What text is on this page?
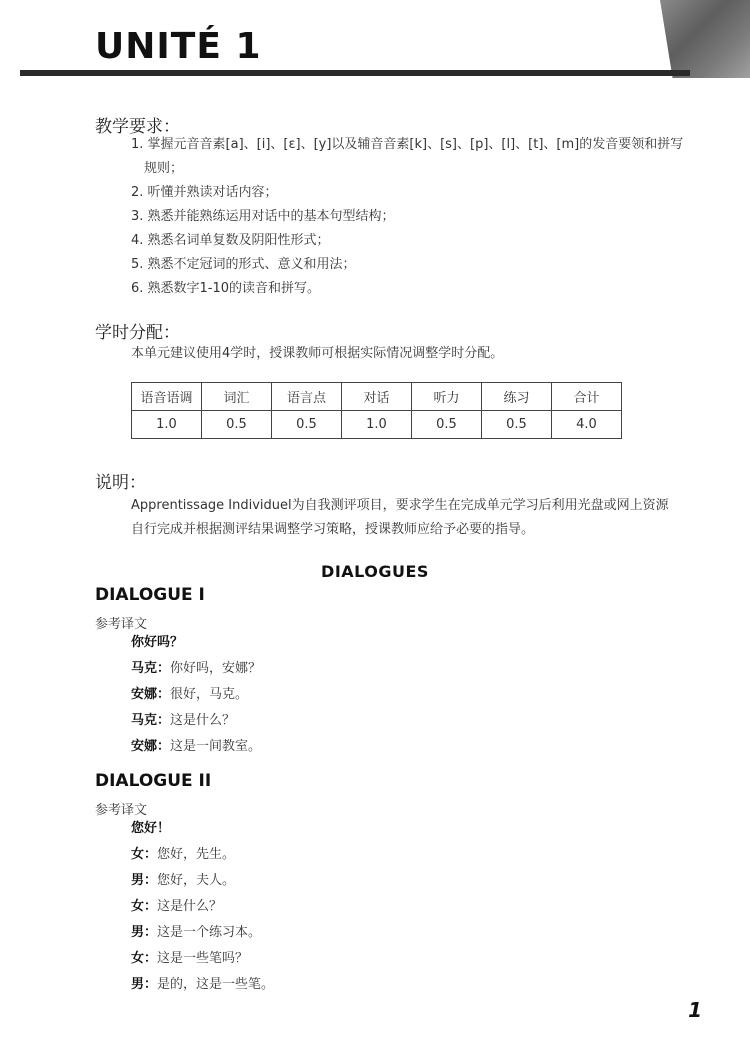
UNITÉ 1
教学要求：
1. 掌握元音音素[a]、[i]、[ɛ]、[y]以及辅音音素[k]、[s]、[p]、[l]、[t]、[m]的发音要领和拼写
规则；
2. 听懂并熟读对话内容；
3. 熟悉并能熟练运用对话中的基本句型结构；
4. 熟悉名词单复数及阴阳性形式；
5. 熟悉不定冠词的形式、意义和用法；
6. 熟悉数字1-10的读音和拼写。
学时分配：

本单元建议使用4学时，授课教师可根据实际情况调整学时分配。

语音语调	词汇	语言点	对话	听力	练习	合计
1.0	0.5	0.5	1.0	0.5	0.5	4.0
说明：

Apprentissage Individuel为自我测评项目，要求学生在完成单元学习后利用光盘或网上资源

自行完成并根据测评结果调整学习策略，授课教师应给予必要的指导。

DIALOGUES
DIALOGUE I

参考译文

你好吗？
马克：你好吗，安娜？
安娜：很好，马克。
马克：这是什么？
安娜：这是一间教室。
DIALOGUE II

参考译文

您好！
女：您好，先生。
男：您好，夫人。
女：这是什么？
男：这是一个练习本。
女：这是一些笔吗？
男：是的，这是一些笔。

1
